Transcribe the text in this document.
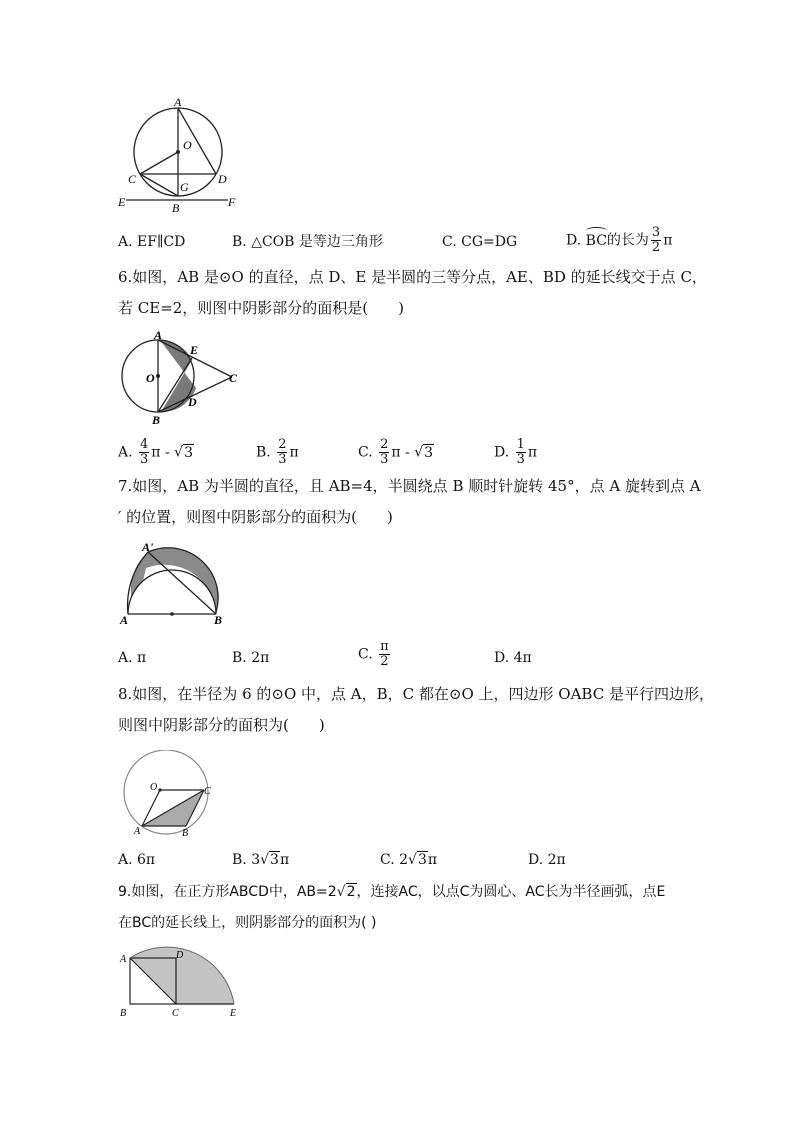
A
O
C	D
G
E	B	F
A. EF∥CD	B. △COB 是等边三角形	C. CG=DG	D. BC的长为 $\frac{3}{2}$ π
6.如图，AB 是⊙O 的直径，点 D、E 是半圆的三等分点，AE、BD 的延长线交于点 C，
若 CE=2，则图中阴影部分的面积是(　　)
A
E
O	C
D
B
A. $\frac{4}{3}$ π - √3	B. $\frac{2}{3}$ π	C. $\frac{2}{3}$ π - √3	D. $\frac{1}{3}$ π
7.如图，AB 为半圆的直径，且 AB=4，半圆绕点 B 顺时针旋转 45°，点 A 旋转到点 A
′ 的位置，则图中阴影部分的面积为(　　)
A'
A	B
A. π	B. 2π	C. $\frac{\pi}{2}$	D. 4π
8.如图，在半径为 6 的⊙O 中，点 A，B，C 都在⊙O 上，四边形 OABC 是平行四边形，
则图中阴影部分的面积为(　　)
O	C
A	B
A. 6π	B. 3√3π	C. 2√3π	D. 2π
9.如图，在正方形ABCD中，AB=2√2，连接AC，以点C为圆心、AC长为半径画弧，点E
在BC的延长线上，则阴影部分的面积为( )
A	D
B	C	E
